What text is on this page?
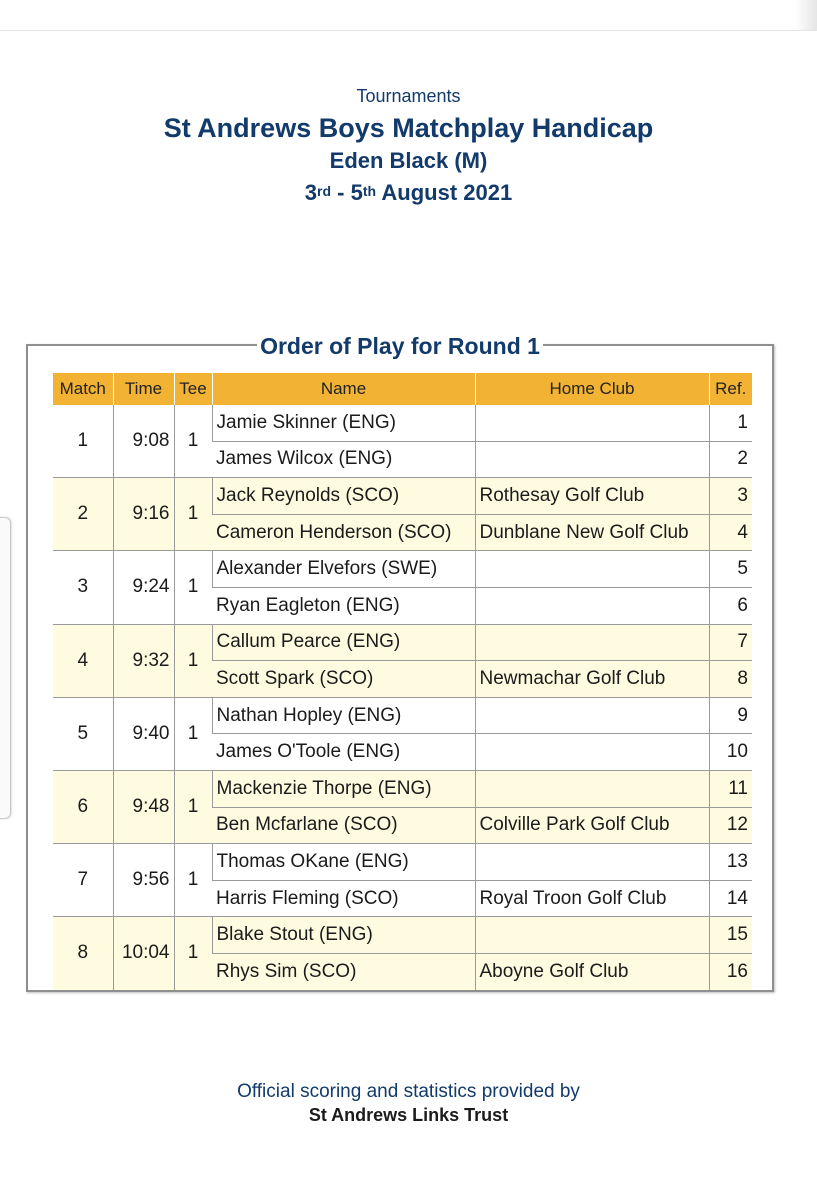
Tournaments
St Andrews Boys Matchplay Handicap
Eden Black (M)
3rd - 5th August 2021
Order of Play for Round 1
Match	Time	Tee	Name	Home Club	Ref.
1	9:08	1	Jamie Skinner (ENG)		1
			James Wilcox (ENG)		2
2	9:16	1	Jack Reynolds (SCO)	Rothesay Golf Club	3
			Cameron Henderson (SCO)	Dunblane New Golf Club	4
3	9:24	1	Alexander Elvefors (SWE)		5
			Ryan Eagleton (ENG)		6
4	9:32	1	Callum Pearce (ENG)		7
			Scott Spark (SCO)	Newmachar Golf Club	8
5	9:40	1	Nathan Hopley (ENG)		9
			James O'Toole (ENG)		10
6	9:48	1	Mackenzie Thorpe (ENG)		11
			Ben Mcfarlane (SCO)	Colville Park Golf Club	12
7	9:56	1	Thomas OKane (ENG)		13
			Harris Fleming (SCO)	Royal Troon Golf Club	14
8	10:04	1	Blake Stout (ENG)		15
			Rhys Sim (SCO)	Aboyne Golf Club	16
Official scoring and statistics provided by
St Andrews Links Trust
